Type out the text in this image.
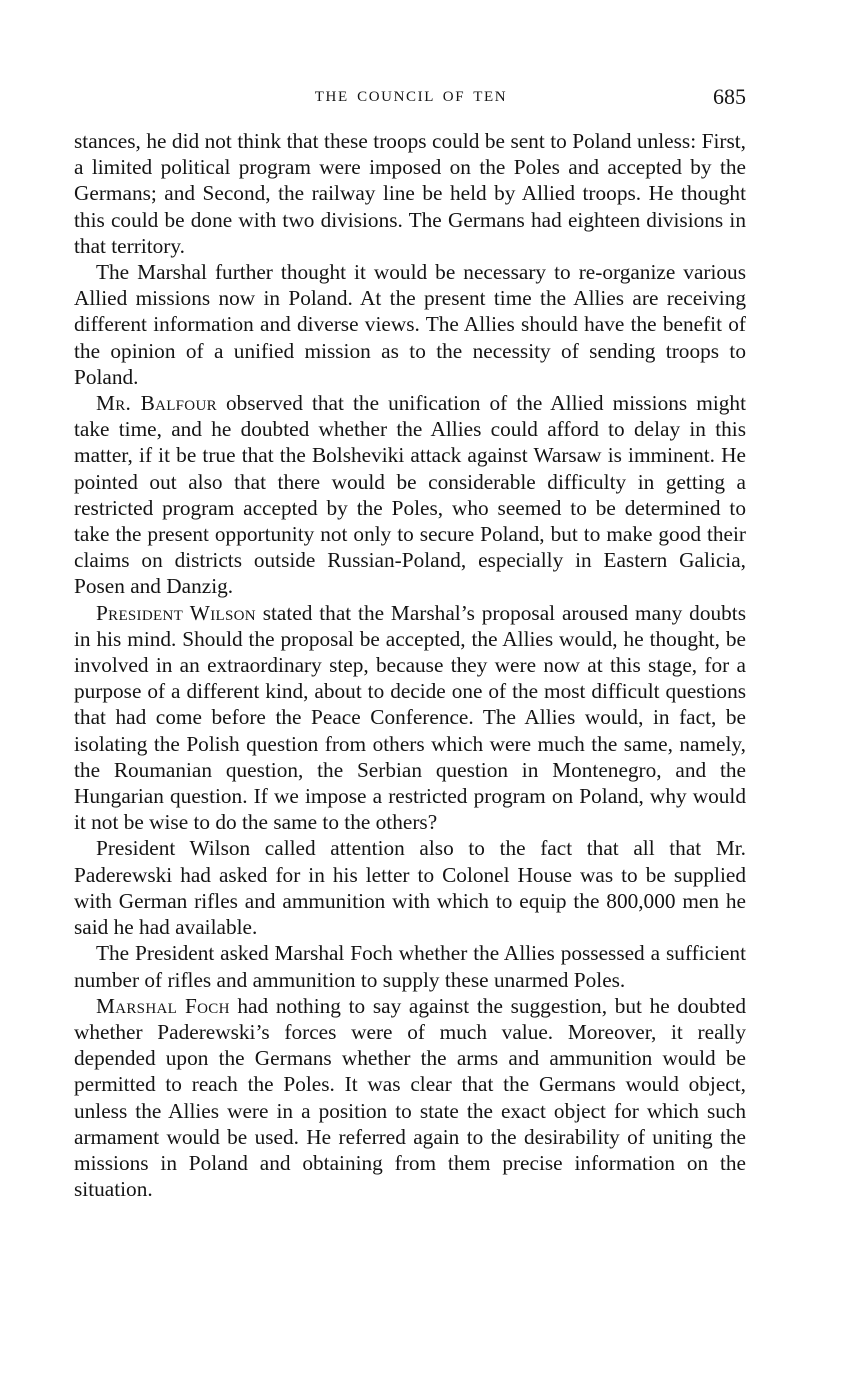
THE COUNCIL OF TEN	685

stances, he did not think that these troops could be sent to Poland unless: First, a limited political program were imposed on the Poles and accepted by the Germans; and Second, the railway line be held by Allied troops. He thought this could be done with two divisions. The Germans had eighteen divisions in that territory.

The Marshal further thought it would be necessary to re-organize various Allied missions now in Poland. At the present time the Allies are receiving different information and diverse views. The Allies should have the benefit of the opinion of a unified mission as to the necessity of sending troops to Poland.

Mr. Balfour observed that the unification of the Allied missions might take time, and he doubted whether the Allies could afford to delay in this matter, if it be true that the Bolsheviki attack against Warsaw is imminent. He pointed out also that there would be considerable difficulty in getting a restricted program accepted by the Poles, who seemed to be determined to take the present opportunity not only to secure Poland, but to make good their claims on districts outside Russian-Poland, especially in Eastern Galicia, Posen and Danzig.

President Wilson stated that the Marshal’s proposal aroused many doubts in his mind. Should the proposal be accepted, the Allies would, he thought, be involved in an extraordinary step, because they were now at this stage, for a purpose of a different kind, about to decide one of the most difficult questions that had come before the Peace Conference. The Allies would, in fact, be isolating the Polish question from others which were much the same, namely, the Roumanian question, the Serbian question in Montenegro, and the Hungarian question. If we impose a restricted program on Poland, why would it not be wise to do the same to the others?

President Wilson called attention also to the fact that all that Mr. Paderewski had asked for in his letter to Colonel House was to be supplied with German rifles and ammunition with which to equip the 800,000 men he said he had available.

The President asked Marshal Foch whether the Allies possessed a sufficient number of rifles and ammunition to supply these unarmed Poles.

Marshal Foch had nothing to say against the suggestion, but he doubted whether Paderewski’s forces were of much value. Moreover, it really depended upon the Germans whether the arms and ammunition would be permitted to reach the Poles. It was clear that the Germans would object, unless the Allies were in a position to state the exact object for which such armament would be used. He referred again to the desirability of uniting the missions in Poland and obtaining from them precise information on the situation.
